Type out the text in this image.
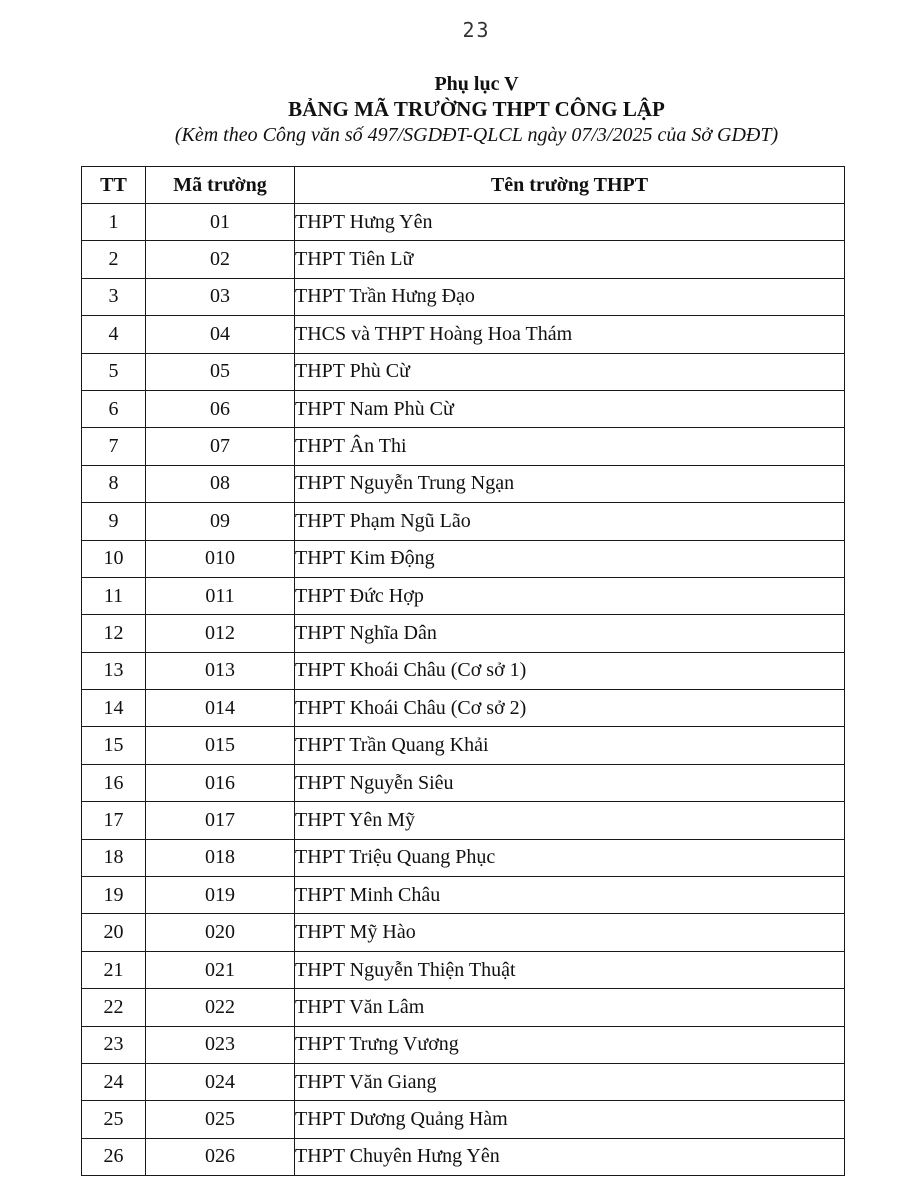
23
Phụ lục V
BẢNG MÃ TRƯỜNG THPT CÔNG LẬP
(Kèm theo Công văn số 497/SGDĐT-QLCL ngày 07/3/2025 của Sở GDĐT)
TT	Mã trường	Tên trường THPT
1	01	THPT Hưng Yên
2	02	THPT Tiên Lữ
3	03	THPT Trần Hưng Đạo
4	04	THCS và THPT Hoàng Hoa Thám
5	05	THPT Phù Cừ
6	06	THPT Nam Phù Cừ
7	07	THPT Ân Thi
8	08	THPT Nguyễn Trung Ngạn
9	09	THPT Phạm Ngũ Lão
10	010	THPT Kim Động
11	011	THPT Đức Hợp
12	012	THPT Nghĩa Dân
13	013	THPT Khoái Châu (Cơ sở 1)
14	014	THPT Khoái Châu (Cơ sở 2)
15	015	THPT Trần Quang Khải
16	016	THPT Nguyễn Siêu
17	017	THPT Yên Mỹ
18	018	THPT Triệu Quang Phục
19	019	THPT Minh Châu
20	020	THPT Mỹ Hào
21	021	THPT Nguyễn Thiện Thuật
22	022	THPT Văn Lâm
23	023	THPT Trưng Vương
24	024	THPT Văn Giang
25	025	THPT Dương Quảng Hàm
26	026	THPT Chuyên Hưng Yên
